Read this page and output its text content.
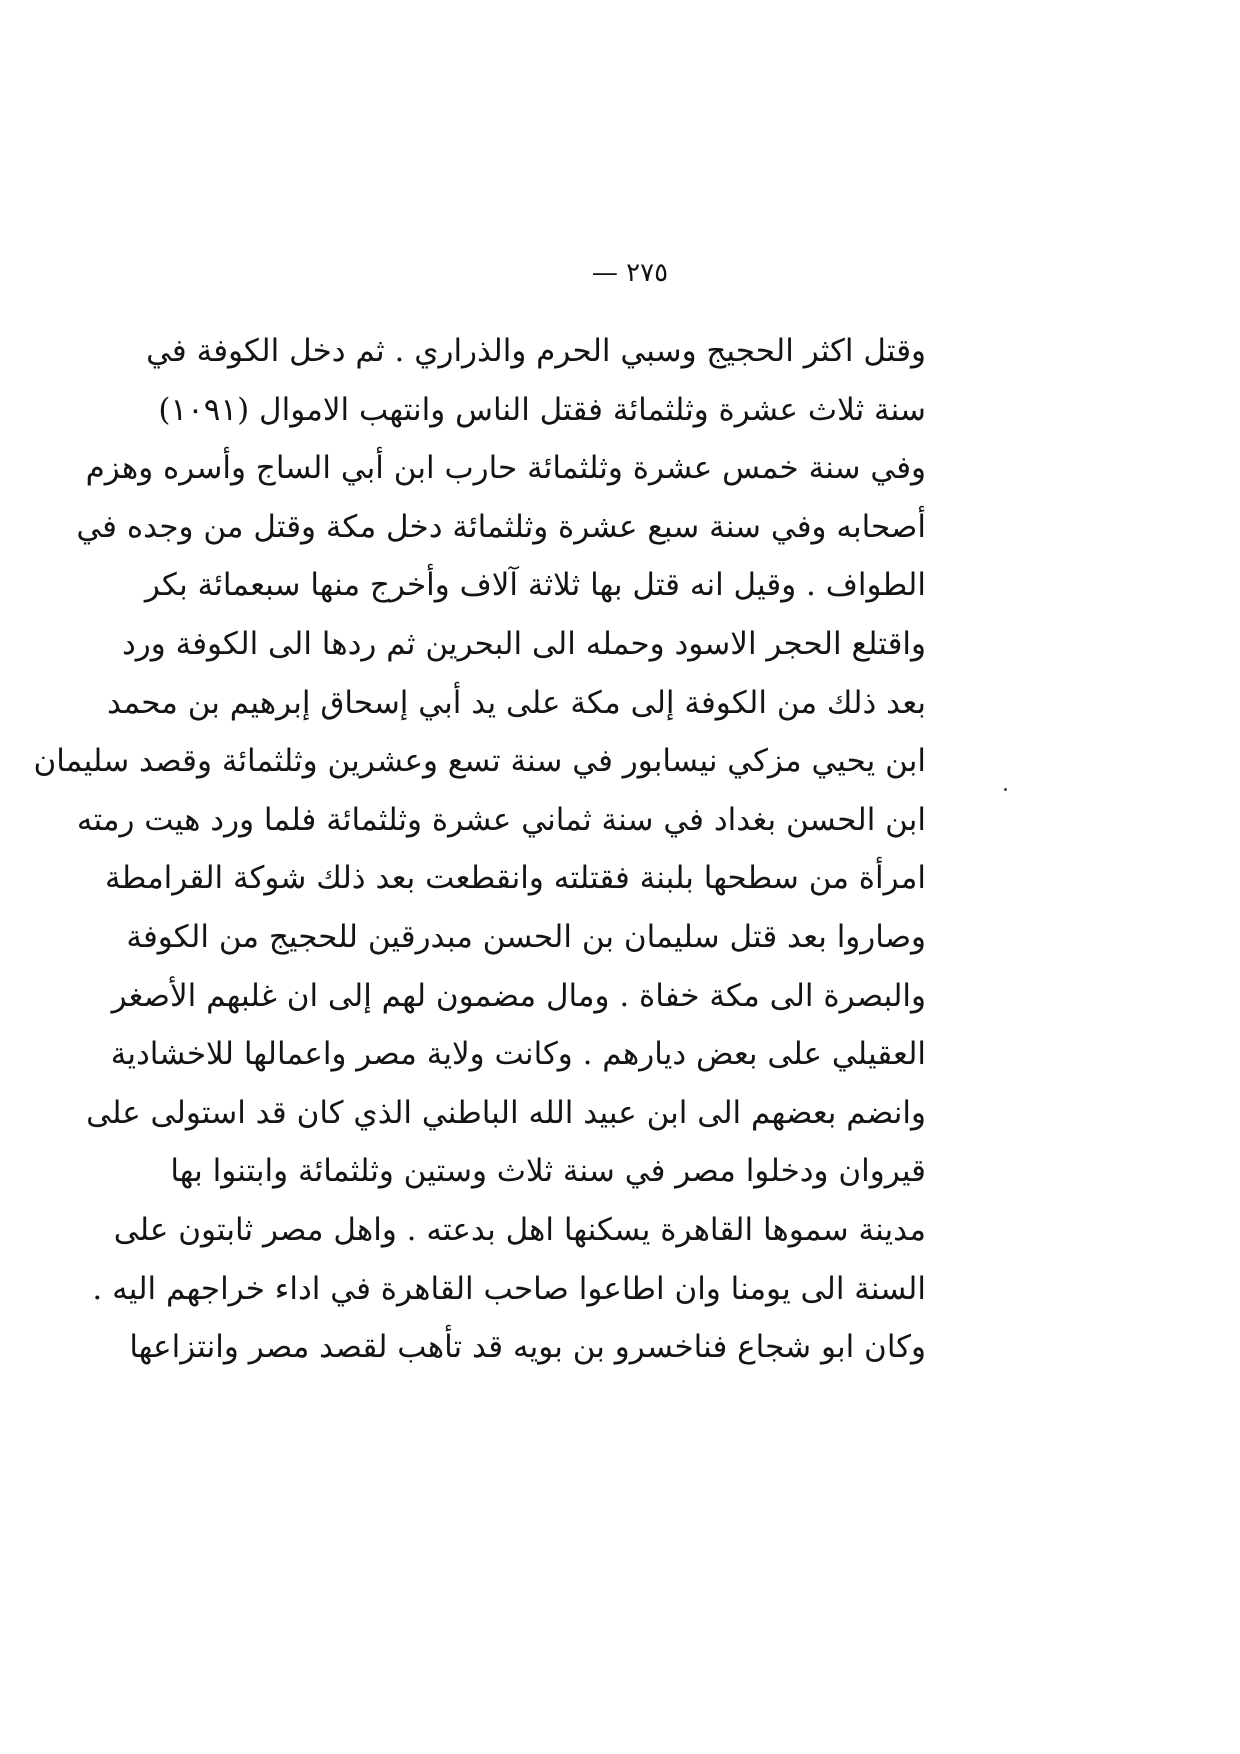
٢٧٥ —
وقتل اكثر الحجيج وسبي الحرم والذراري . ثم دخل الكوفة في
سنة ثلاث عشرة وثلثمائة فقتل الناس وانتهب الاموال (١٠٩١)
وفي سنة خمس عشرة وثلثمائة حارب ابن أبي الساج وأسره وهزم
أصحابه وفي سنة سبع عشرة وثلثمائة دخل مكة وقتل من وجده في
الطواف . وقيل انه قتل بها ثلاثة آلاف وأخرج منها سبعمائة بكر
واقتلع الحجر الاسود وحمله الى البحرين ثم ردها الى الكوفة ورد
بعد ذلك من الكوفة إلى مكة على يد أبي إسحاق إبرهيم بن محمد
ابن يحيي مزكي نيسابور في سنة تسع وعشرين وثلثمائة وقصد سليمان
ابن الحسن بغداد في سنة ثماني عشرة وثلثمائة فلما ورد هيت رمته
امرأة من سطحها بلبنة فقتلته وانقطعت بعد ذلك شوكة القرامطة
وصاروا بعد قتل سليمان بن الحسن مبدرقين للحجيج من الكوفة
والبصرة الى مكة خفاة . ومال مضمون لهم إلى ان غلبهم الأصغر
العقيلي على بعض ديارهم . وكانت ولاية مصر واعمالها للاخشادية
وانضم بعضهم الى ابن عبيد الله الباطني الذي كان قد استولى على
قيروان ودخلوا مصر في سنة ثلاث وستين وثلثمائة وابتنوا بها
مدينة سموها القاهرة يسكنها اهل بدعته . واهل مصر ثابتون على
السنة الى يومنا وان اطاعوا صاحب القاهرة في اداء خراجهم اليه .
وكان ابو شجاع فناخسرو بن بويه قد تأهب لقصد مصر وانتزاعها
